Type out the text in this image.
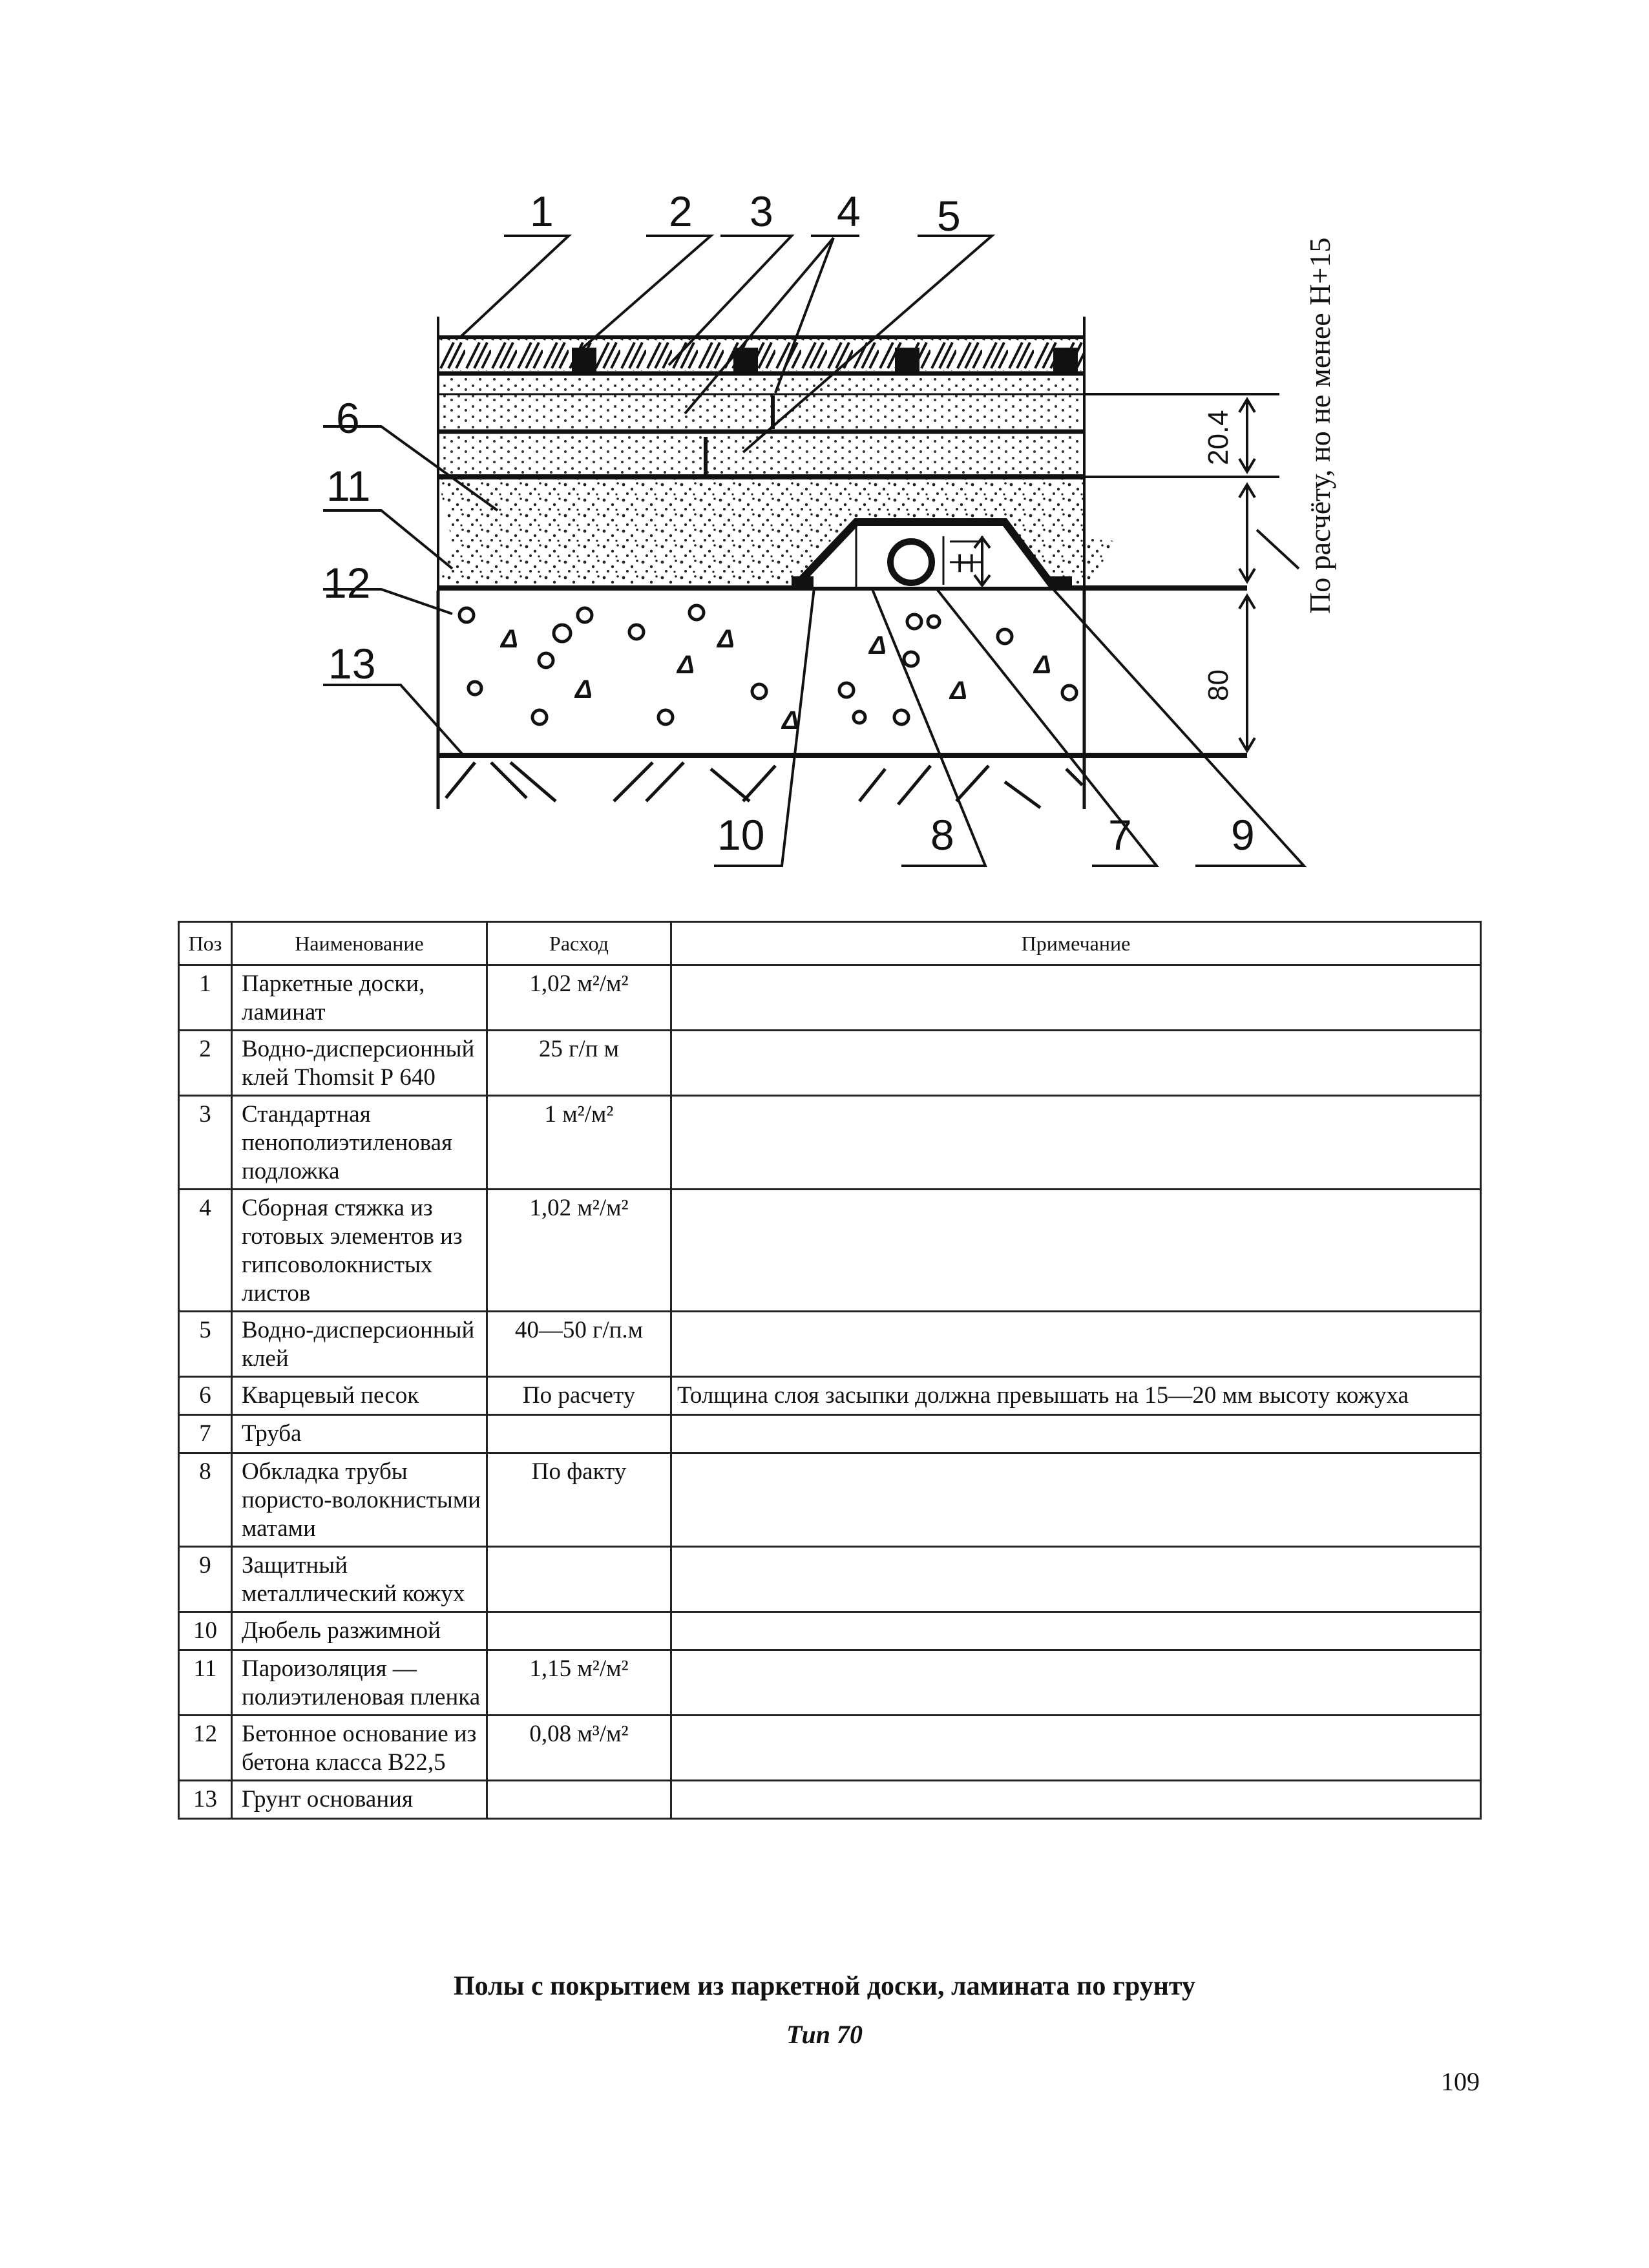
Н
Δ
Δ
Δ
Δ
Δ
Δ
Δ
Δ
20.4
80
По расчёту, но не менее Н+15
1	2 3 4 5
6
11
12
13
10	8	7 9
Поз	Наименование	Расход	Примечание
1	Паркетные доски, ламинат	1,02 м²/м²	
2	Водно-дисперсионный клей Thomsit Р 640	25 г/п м	
3	Стандартная пенополиэтиленовая подложка	1 м²/м²	
4	Сборная стяжка из готовых элементов из гипсоволокнистых листов	1,02 м²/м²	
5	Водно-дисперсионный клей	40—50 г/п.м	
6	Кварцевый песок	По расчету	Толщина слоя засыпки должна превышать на 15—20 мм высоту кожуха
7	Труба		
8	Обкладка трубы пористо-волокнистыми матами	По факту	
9	Защитный металлический кожух		
10	Дюбель разжимной		
11	Пароизоляция — полиэтиленовая пленка	1,15 м²/м²	
12	Бетонное основание из бетона класса В22,5	0,08 м³/м²	
13	Грунт основания		
Полы с покрытием из паркетной доски, ламината по грунту
Тип 70
109
